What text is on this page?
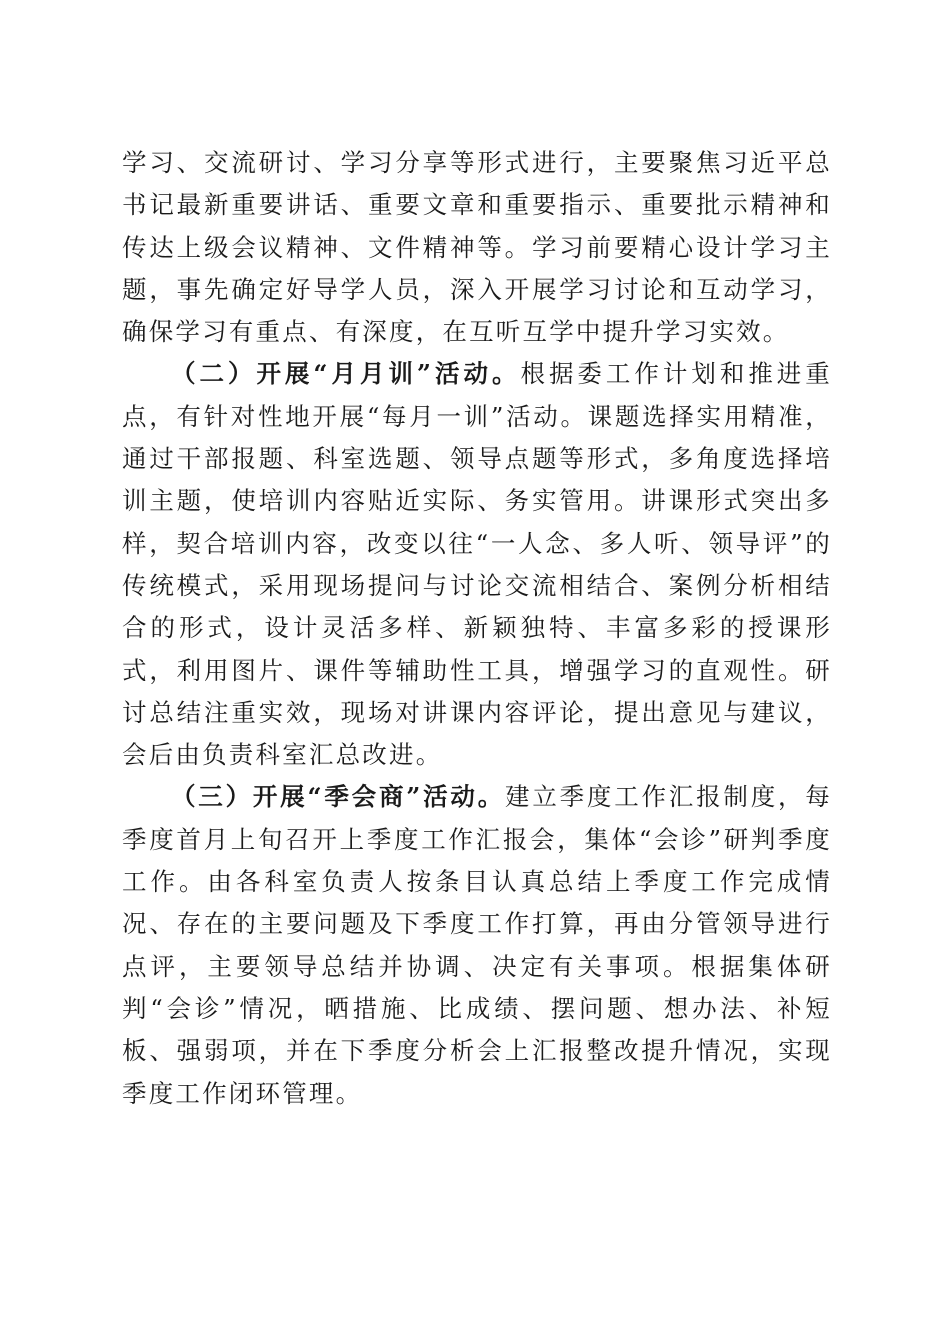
学习、交流研讨、学习分享等形式进行，主要聚焦习近平总书记最新重要讲话、重要文章和重要指示、重要批示精神和传达上级会议精神、文件精神等。学习前要精心设计学习主题，事先确定好导学人员，深入开展学习讨论和互动学习，确保学习有重点、有深度，在互听互学中提升学习实效。

（二）开展“月月训”活动。根据委工作计划和推进重点，有针对性地开展“每月一训”活动。课题选择实用精准，通过干部报题、科室选题、领导点题等形式，多角度选择培训主题，使培训内容贴近实际、务实管用。讲课形式突出多样，契合培训内容，改变以往“一人念、多人听、领导评”的传统模式，采用现场提问与讨论交流相结合、案例分析相结合的形式，设计灵活多样、新颖独特、丰富多彩的授课形式，利用图片、课件等辅助性工具，增强学习的直观性。研讨总结注重实效，现场对讲课内容评论，提出意见与建议，会后由负责科室汇总改进。

（三）开展“季会商”活动。建立季度工作汇报制度，每季度首月上旬召开上季度工作汇报会，集体“会诊”研判季度工作。由各科室负责人按条目认真总结上季度工作完成情况、存在的主要问题及下季度工作打算，再由分管领导进行点评，主要领导总结并协调、决定有关事项。根据集体研判“会诊”情况，晒措施、比成绩、摆问题、想办法、补短板、强弱项，并在下季度分析会上汇报整改提升情况，实现季度工作闭环管理。
